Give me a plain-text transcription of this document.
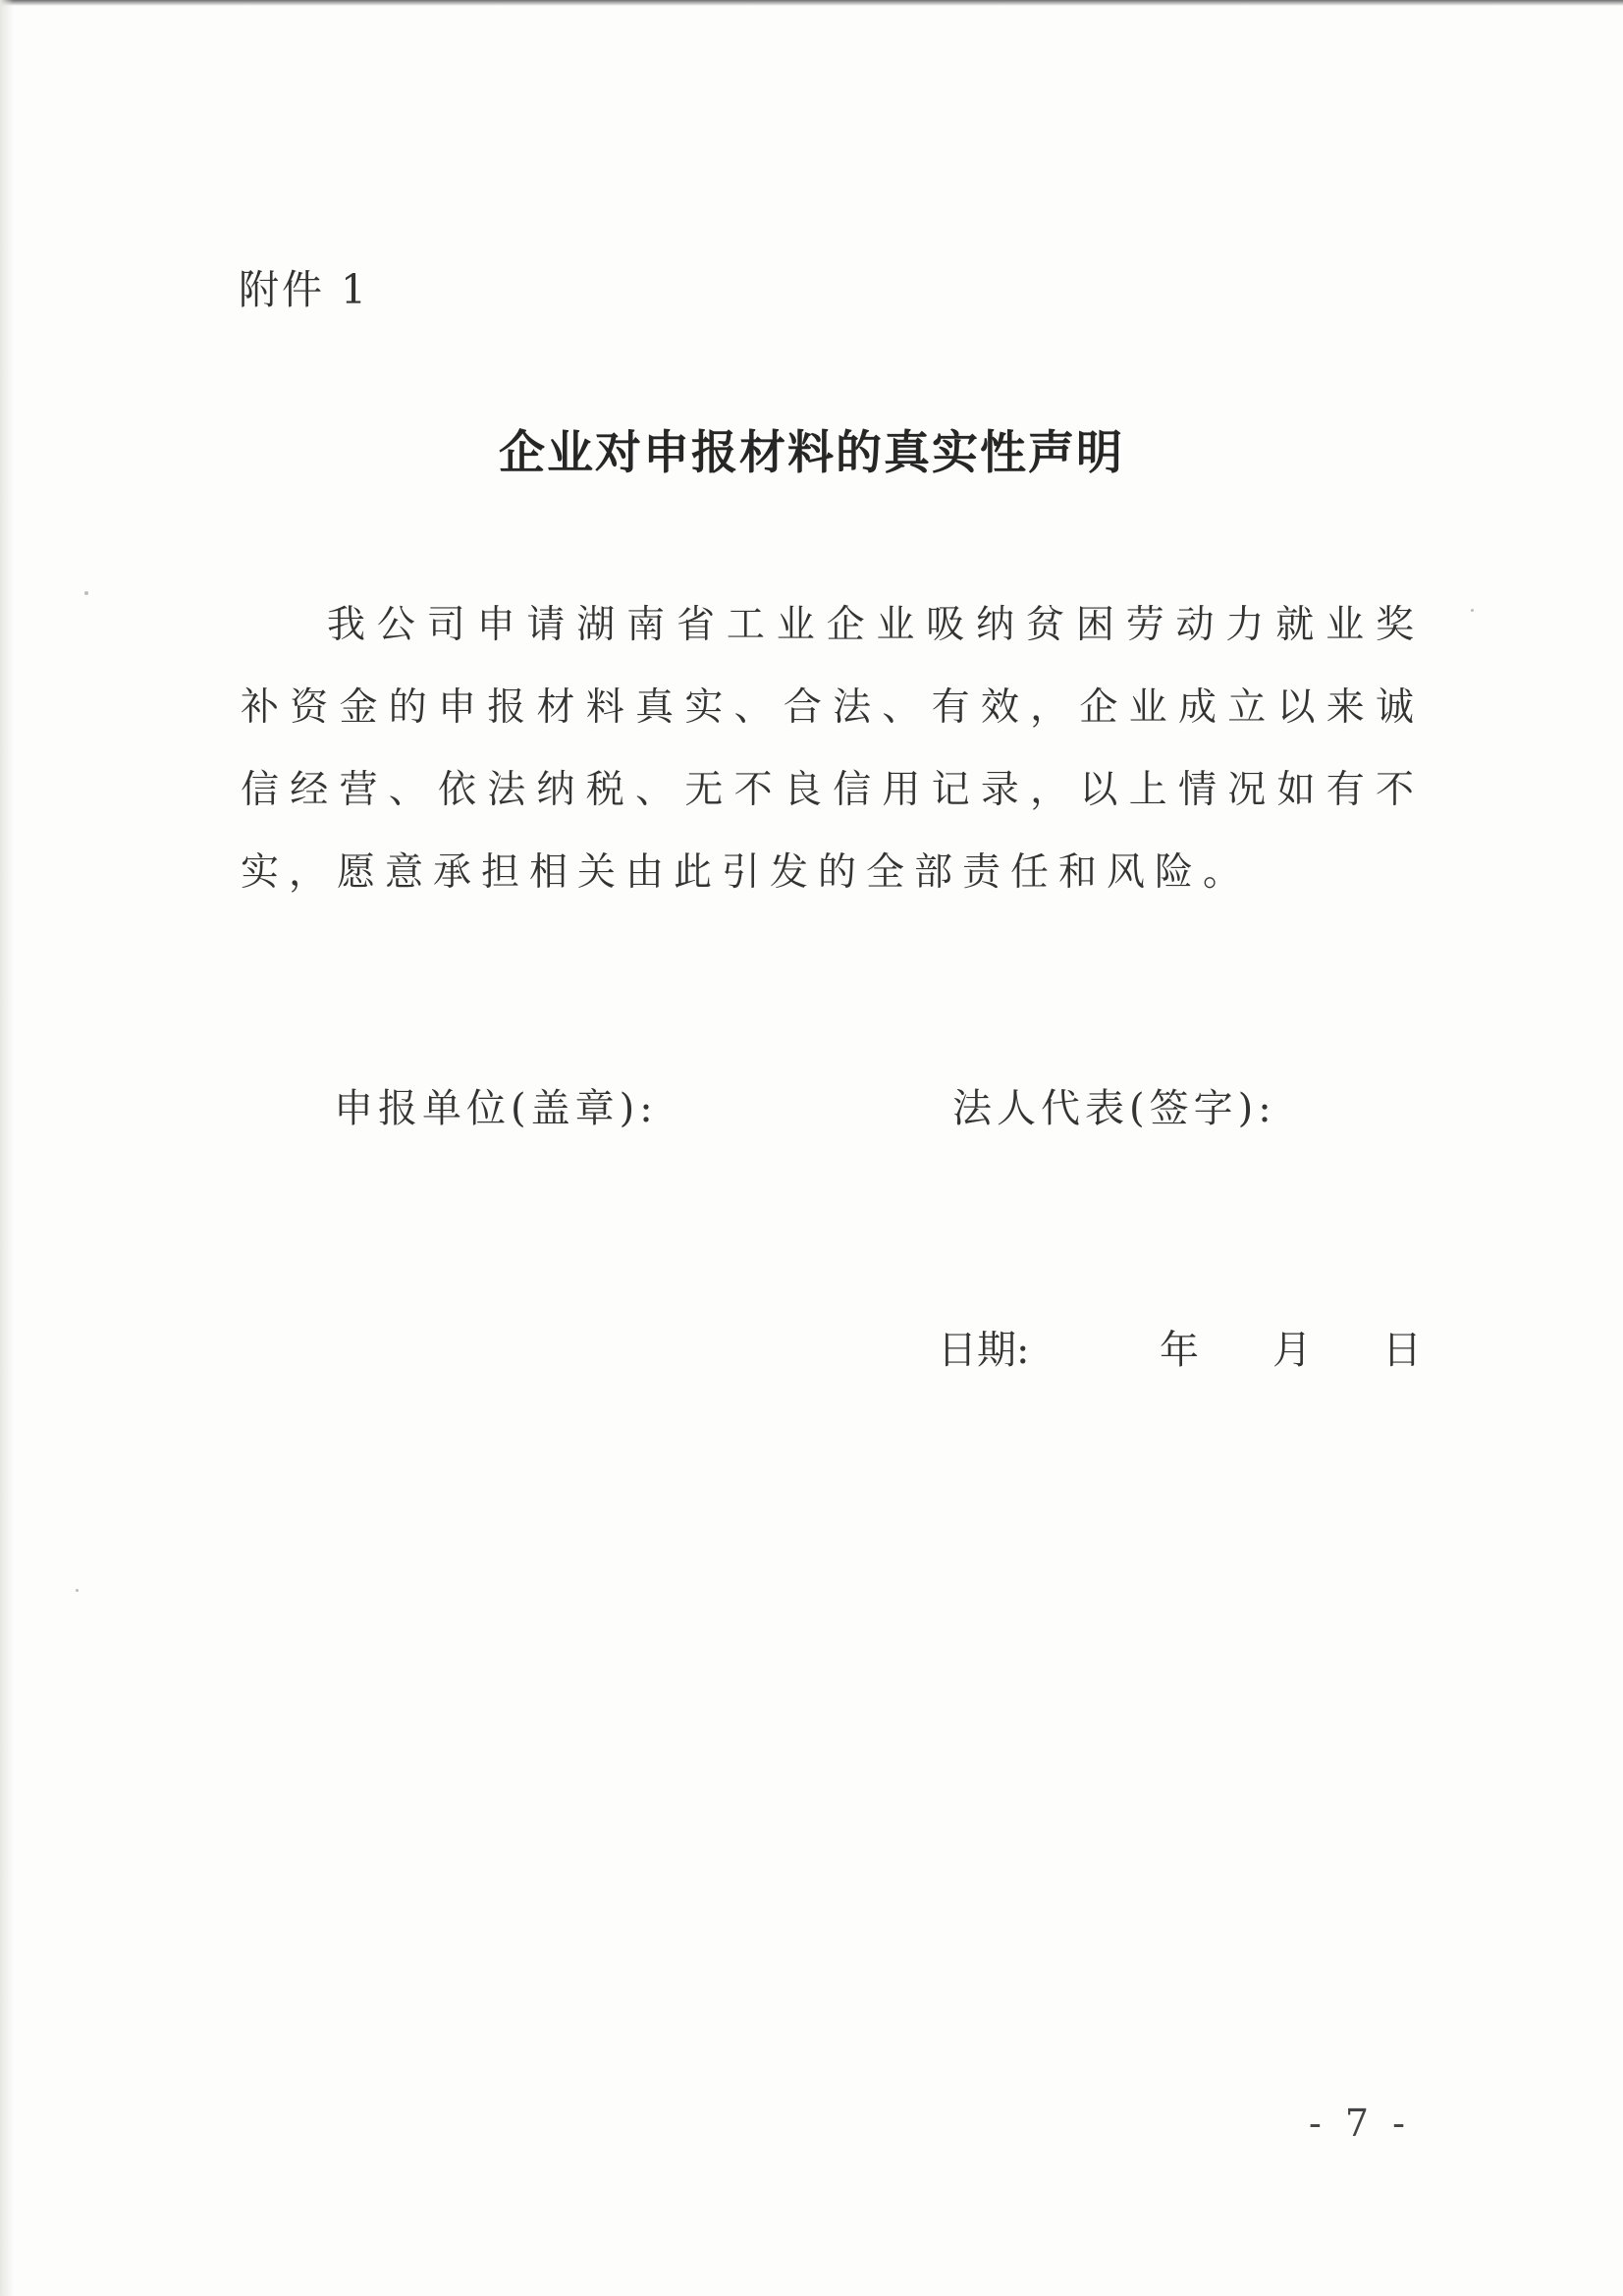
附件 1
企业对申报材料的真实性声明
我公司申请湖南省工业企业吸纳贫困劳动力就业奖补资金的申报材料真实、合法、有效，企业成立以来诚信经营、依法纳税、无不良信用记录，以上情况如有不实，愿意承担相关由此引发的全部责任和风险。
申报单位(盖章):	法人代表(签字):
日期:	年 月 日
- 7 -
